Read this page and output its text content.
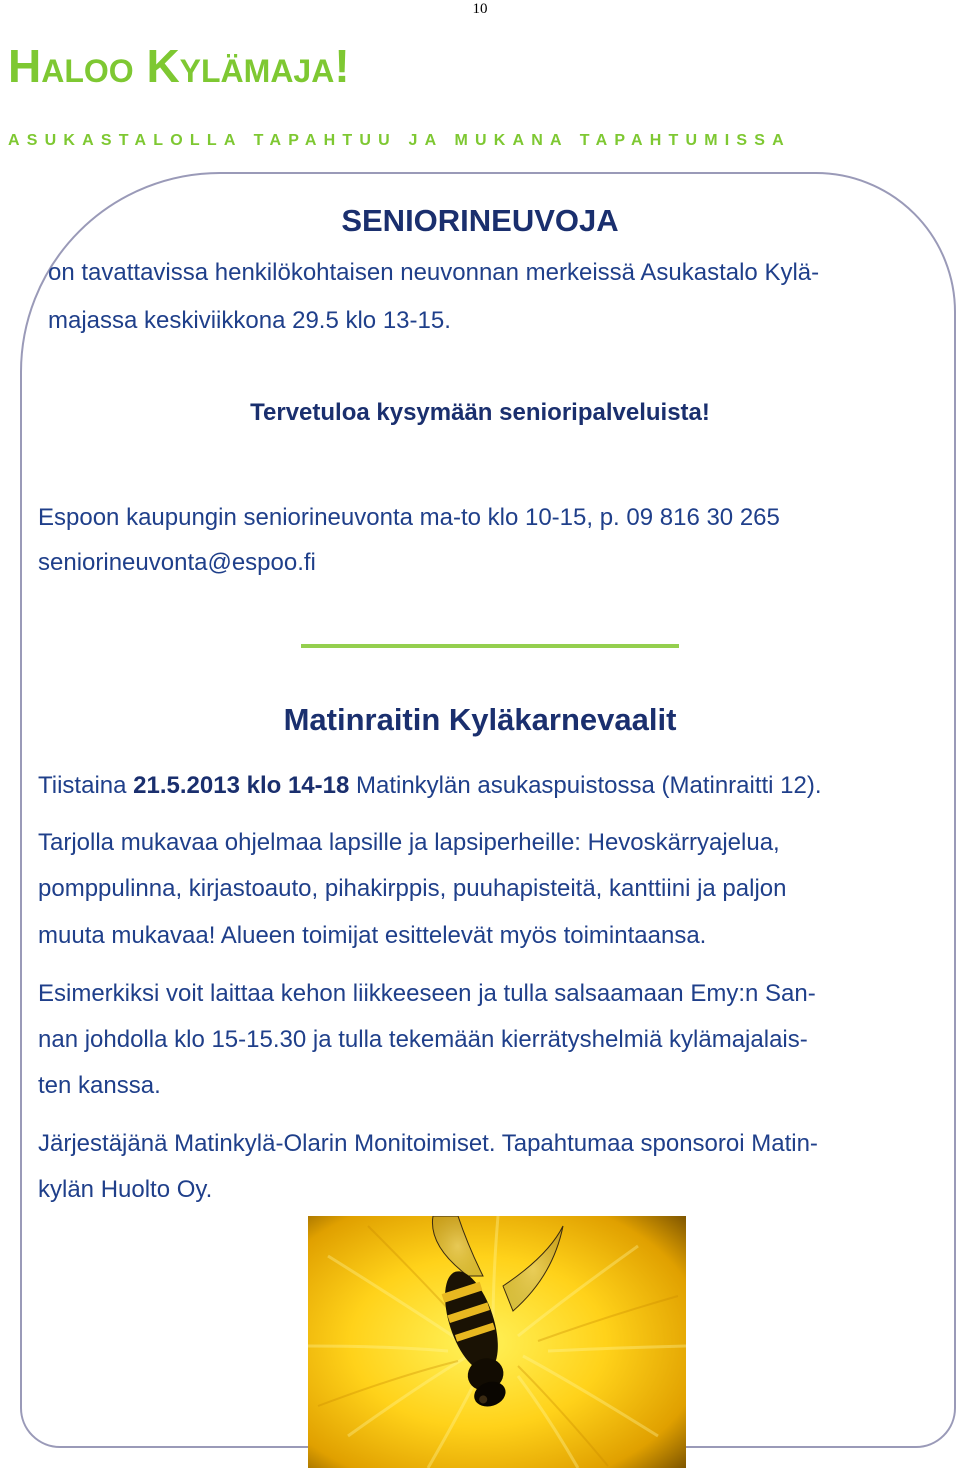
10
Haloo Kylämaja!
ASUKASTALOLLA TAPAHTUU JA MUKANA TAPAHTUMISSA
SENIORINEUVOJA
on tavattavissa henkilökohtaisen neuvonnan merkeissä Asukastalo Kylä-
majassa keskiviikkona 29.5 klo 13-15.
Tervetuloa kysymään senioripalveluista!
Espoon kaupungin seniorineuvonta ma-to klo 10-15, p. 09 816 30 265
seniorineuvonta@espoo.fi
Matinraitin Kyläkarnevaalit
Tiistaina 21.5.2013 klo 14-18 Matinkylän asukaspuistossa (Matinraitti 12).
Tarjolla mukavaa ohjelmaa lapsille ja lapsiperheille: Hevoskärryajelua,
pomppulinna, kirjastoauto, pihakirppis, puuhapisteitä, kanttiini ja paljon
muuta mukavaa! Alueen toimijat esittelevät myös toimintaansa.
Esimerkiksi voit laittaa kehon liikkeeseen ja tulla salsaamaan Emy:n San-
nan johdolla klo 15-15.30 ja tulla tekemään kierrätyshelmiä kylämajalais-
ten kanssa.
Järjestäjänä Matinkylä-Olarin Monitoimiset. Tapahtumaa sponsoroi Matin-
kylän Huolto Oy.
